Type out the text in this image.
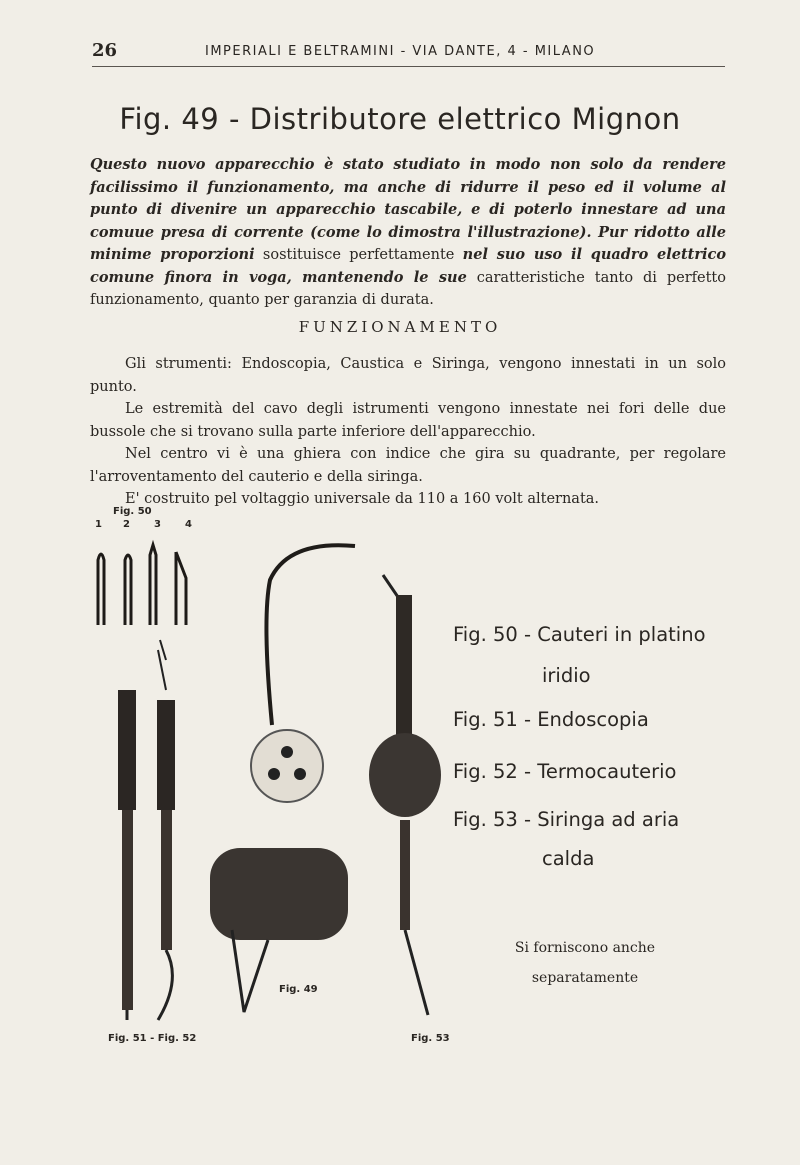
26	IMPERIALI E BELTRAMINI - VIA DANTE, 4 - MILANO
Fig. 49 - Distributore elettrico Mignon
Questo nuovo apparecchio è stato studiato in modo non solo da rendere facilissimo il funzionamento, ma anche di ridurre il peso ed il volume al punto di divenire un apparecchio tascabile, e di poterlo innestare ad una comuue presa di corrente (come lo dimostra l'illustrazione). Pur ridotto alle minime proporzioni sostituisce perfettamente nel suo uso il quadro elettrico comune finora in voga, mantenendo le sue caratteristiche tanto di perfetto funzionamento, quanto per garanzia di durata.
FUNZIONAMENTO

Gli strumenti: Endoscopia, Caustica e Siringa, vengono innestati in un solo punto.

Le estremità del cavo degli istrumenti vengono innestate nei fori delle due bussole che si trovano sulla parte inferiore dell'apparecchio.

Nel centro vi è una ghiera con indice che gira su quadrante, per regolare l'arroventamento del cauterio e della siringa.

E' costruito pel voltaggio universale da 110 a 160 volt alternata.

Fig. 50
1 2 3 4
Fig. 49
Fig. 51 - Fig. 52	Fig. 53
Fig. 50 - Cauteri in platino
iridio
Fig. 51 - Endoscopia
Fig. 52 - Termocauterio
Fig. 53 - Siringa ad aria
calda
Si forniscono anche
separatamente
